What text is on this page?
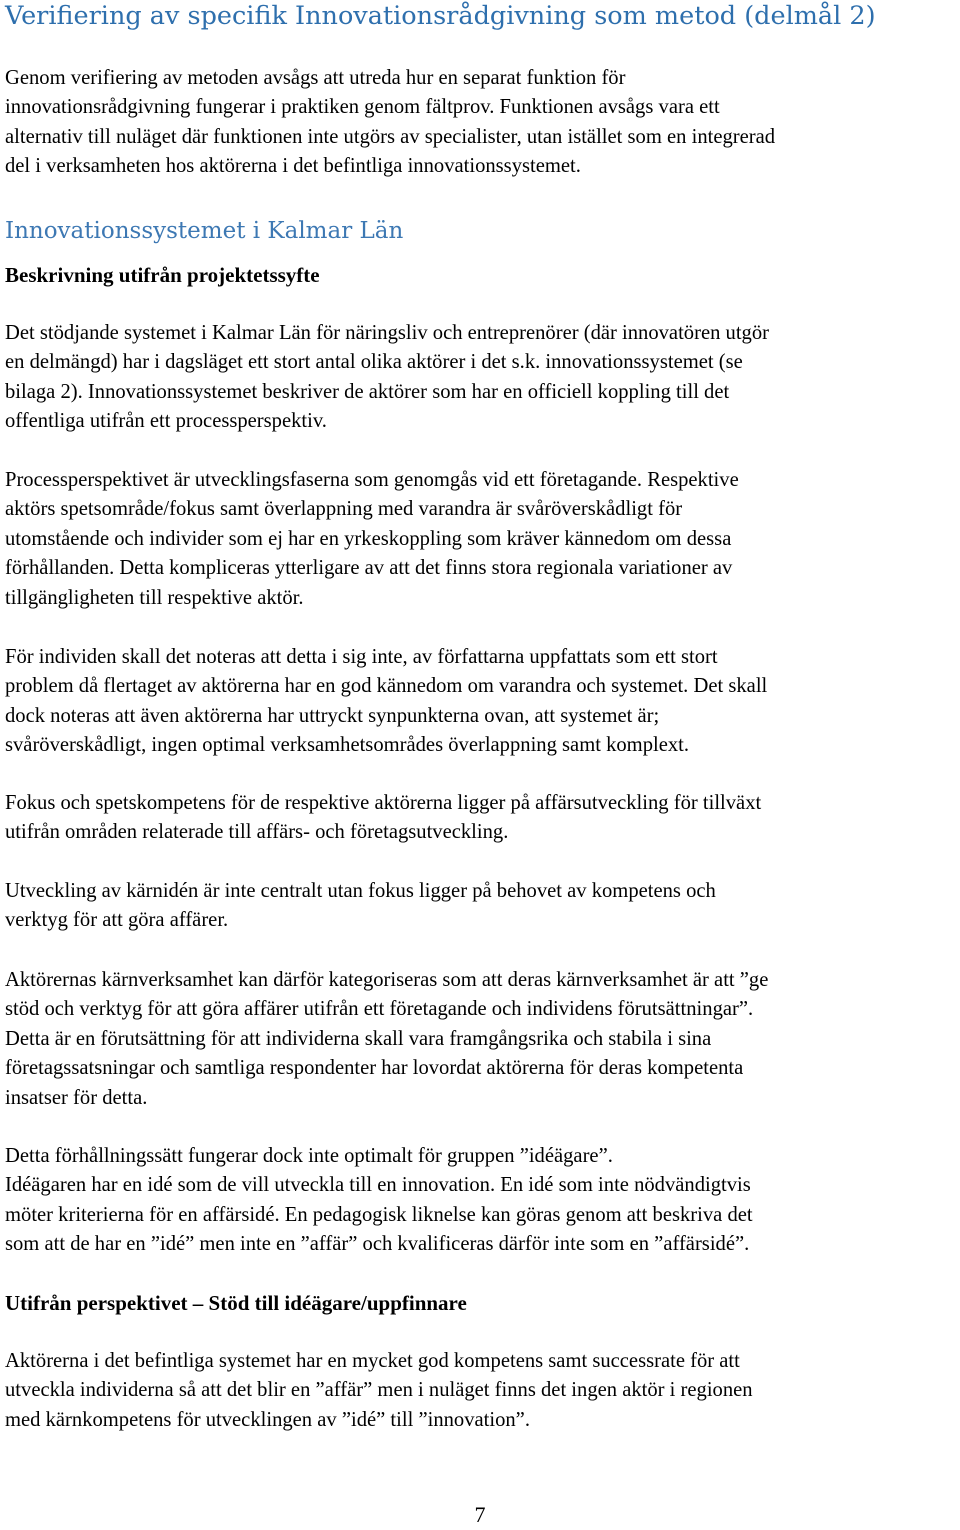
Verifiering av specifik Innovationsrådgivning som metod (delmål 2)
Genom verifiering av metoden avsågs att utreda hur en separat funktion för
innovationsrådgivning fungerar i praktiken genom fältprov. Funktionen avsågs vara ett
alternativ till nuläget där funktionen inte utgörs av specialister, utan istället som en integrerad
del i verksamheten hos aktörerna i det befintliga innovationssystemet.
Innovationssystemet i Kalmar Län
Beskrivning utifrån projektetssyfte
Det stödjande systemet i Kalmar Län för näringsliv och entreprenörer (där innovatören utgör
en delmängd) har i dagsläget ett stort antal olika aktörer i det s.k. innovationssystemet (se
bilaga 2). Innovationssystemet beskriver de aktörer som har en officiell koppling till det
offentliga utifrån ett processperspektiv.
Processperspektivet är utvecklingsfaserna som genomgås vid ett företagande. Respektive
aktörs spetsområde/fokus samt överlappning med varandra är svåröverskådligt för
utomstående och individer som ej har en yrkeskoppling som kräver kännedom om dessa
förhållanden. Detta kompliceras ytterligare av att det finns stora regionala variationer av
tillgängligheten till respektive aktör.
För individen skall det noteras att detta i sig inte, av författarna uppfattats som ett stort
problem då flertaget av aktörerna har en god kännedom om varandra och systemet. Det skall
dock noteras att även aktörerna har uttryckt synpunkterna ovan, att systemet är;
svåröverskådligt, ingen optimal verksamhetsområdes överlappning samt komplext.
Fokus och spetskompetens för de respektive aktörerna ligger på affärsutveckling för tillväxt
utifrån områden relaterade till affärs- och företagsutveckling.
Utveckling av kärnidén är inte centralt utan fokus ligger på behovet av kompetens och
verktyg för att göra affärer.
Aktörernas kärnverksamhet kan därför kategoriseras som att deras kärnverksamhet är att ”ge
stöd och verktyg för att göra affärer utifrån ett företagande och individens förutsättningar”.
Detta är en förutsättning för att individerna skall vara framgångsrika och stabila i sina
företagssatsningar och samtliga respondenter har lovordat aktörerna för deras kompetenta
insatser för detta.
Detta förhållningssätt fungerar dock inte optimalt för gruppen ”idéägare”.
Idéägaren har en idé som de vill utveckla till en innovation. En idé som inte nödvändigtvis
möter kriterierna för en affärsidé. En pedagogisk liknelse kan göras genom att beskriva det
som att de har en ”idé” men inte en ”affär” och kvalificeras därför inte som en ”affärsidé”.
Utifrån perspektivet – Stöd till idéägare/uppfinnare
Aktörerna i det befintliga systemet har en mycket god kompetens samt successrate för att
utveckla individerna så att det blir en ”affär” men i nuläget finns det ingen aktör i regionen
med kärnkompetens för utvecklingen av ”idé” till ”innovation”.
7
